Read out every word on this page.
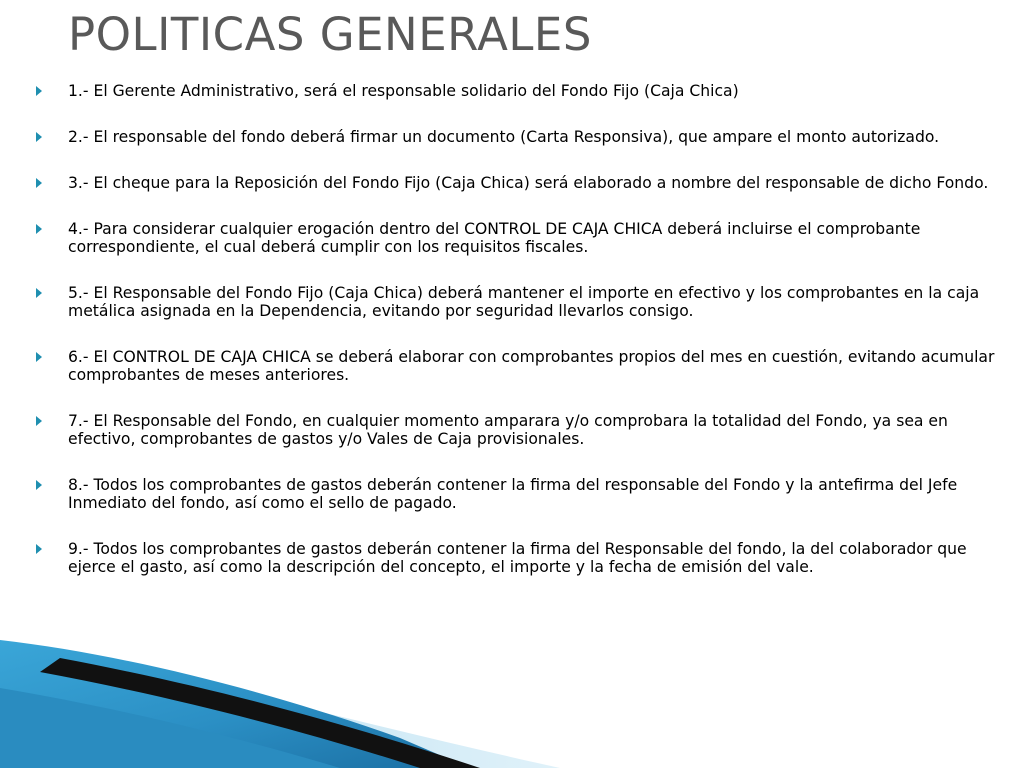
POLITICAS GENERALES
1.- El Gerente Administrativo, será el responsable solidario del Fondo Fijo (Caja Chica)
2.- El responsable del fondo deberá firmar un documento (Carta Responsiva), que ampare el monto autorizado.
3.- El cheque para la Reposición del Fondo Fijo (Caja Chica) será elaborado a nombre del responsable de dicho Fondo.
4.- Para considerar cualquier erogación dentro del CONTROL DE CAJA CHICA deberá incluirse el comprobante correspondiente, el cual deberá cumplir con los requisitos fiscales.
5.- El Responsable del Fondo Fijo (Caja Chica) deberá mantener el importe en efectivo y los comprobantes en la caja metálica asignada en la Dependencia, evitando por seguridad llevarlos consigo.
6.- El CONTROL DE CAJA CHICA se deberá elaborar con comprobantes propios del mes en cuestión, evitando acumular comprobantes de meses anteriores.
7.- El Responsable del Fondo, en cualquier momento amparara y/o comprobara la totalidad del Fondo, ya sea en efectivo, comprobantes de gastos y/o Vales de Caja provisionales.
8.- Todos los comprobantes de gastos deberán contener la firma del responsable del Fondo y la antefirma del Jefe Inmediato del fondo, así como el sello de pagado.
9.- Todos los comprobantes de gastos deberán contener la firma del Responsable del fondo, la del colaborador que ejerce el gasto, así como la descripción del concepto, el importe y la fecha de emisión del vale.
